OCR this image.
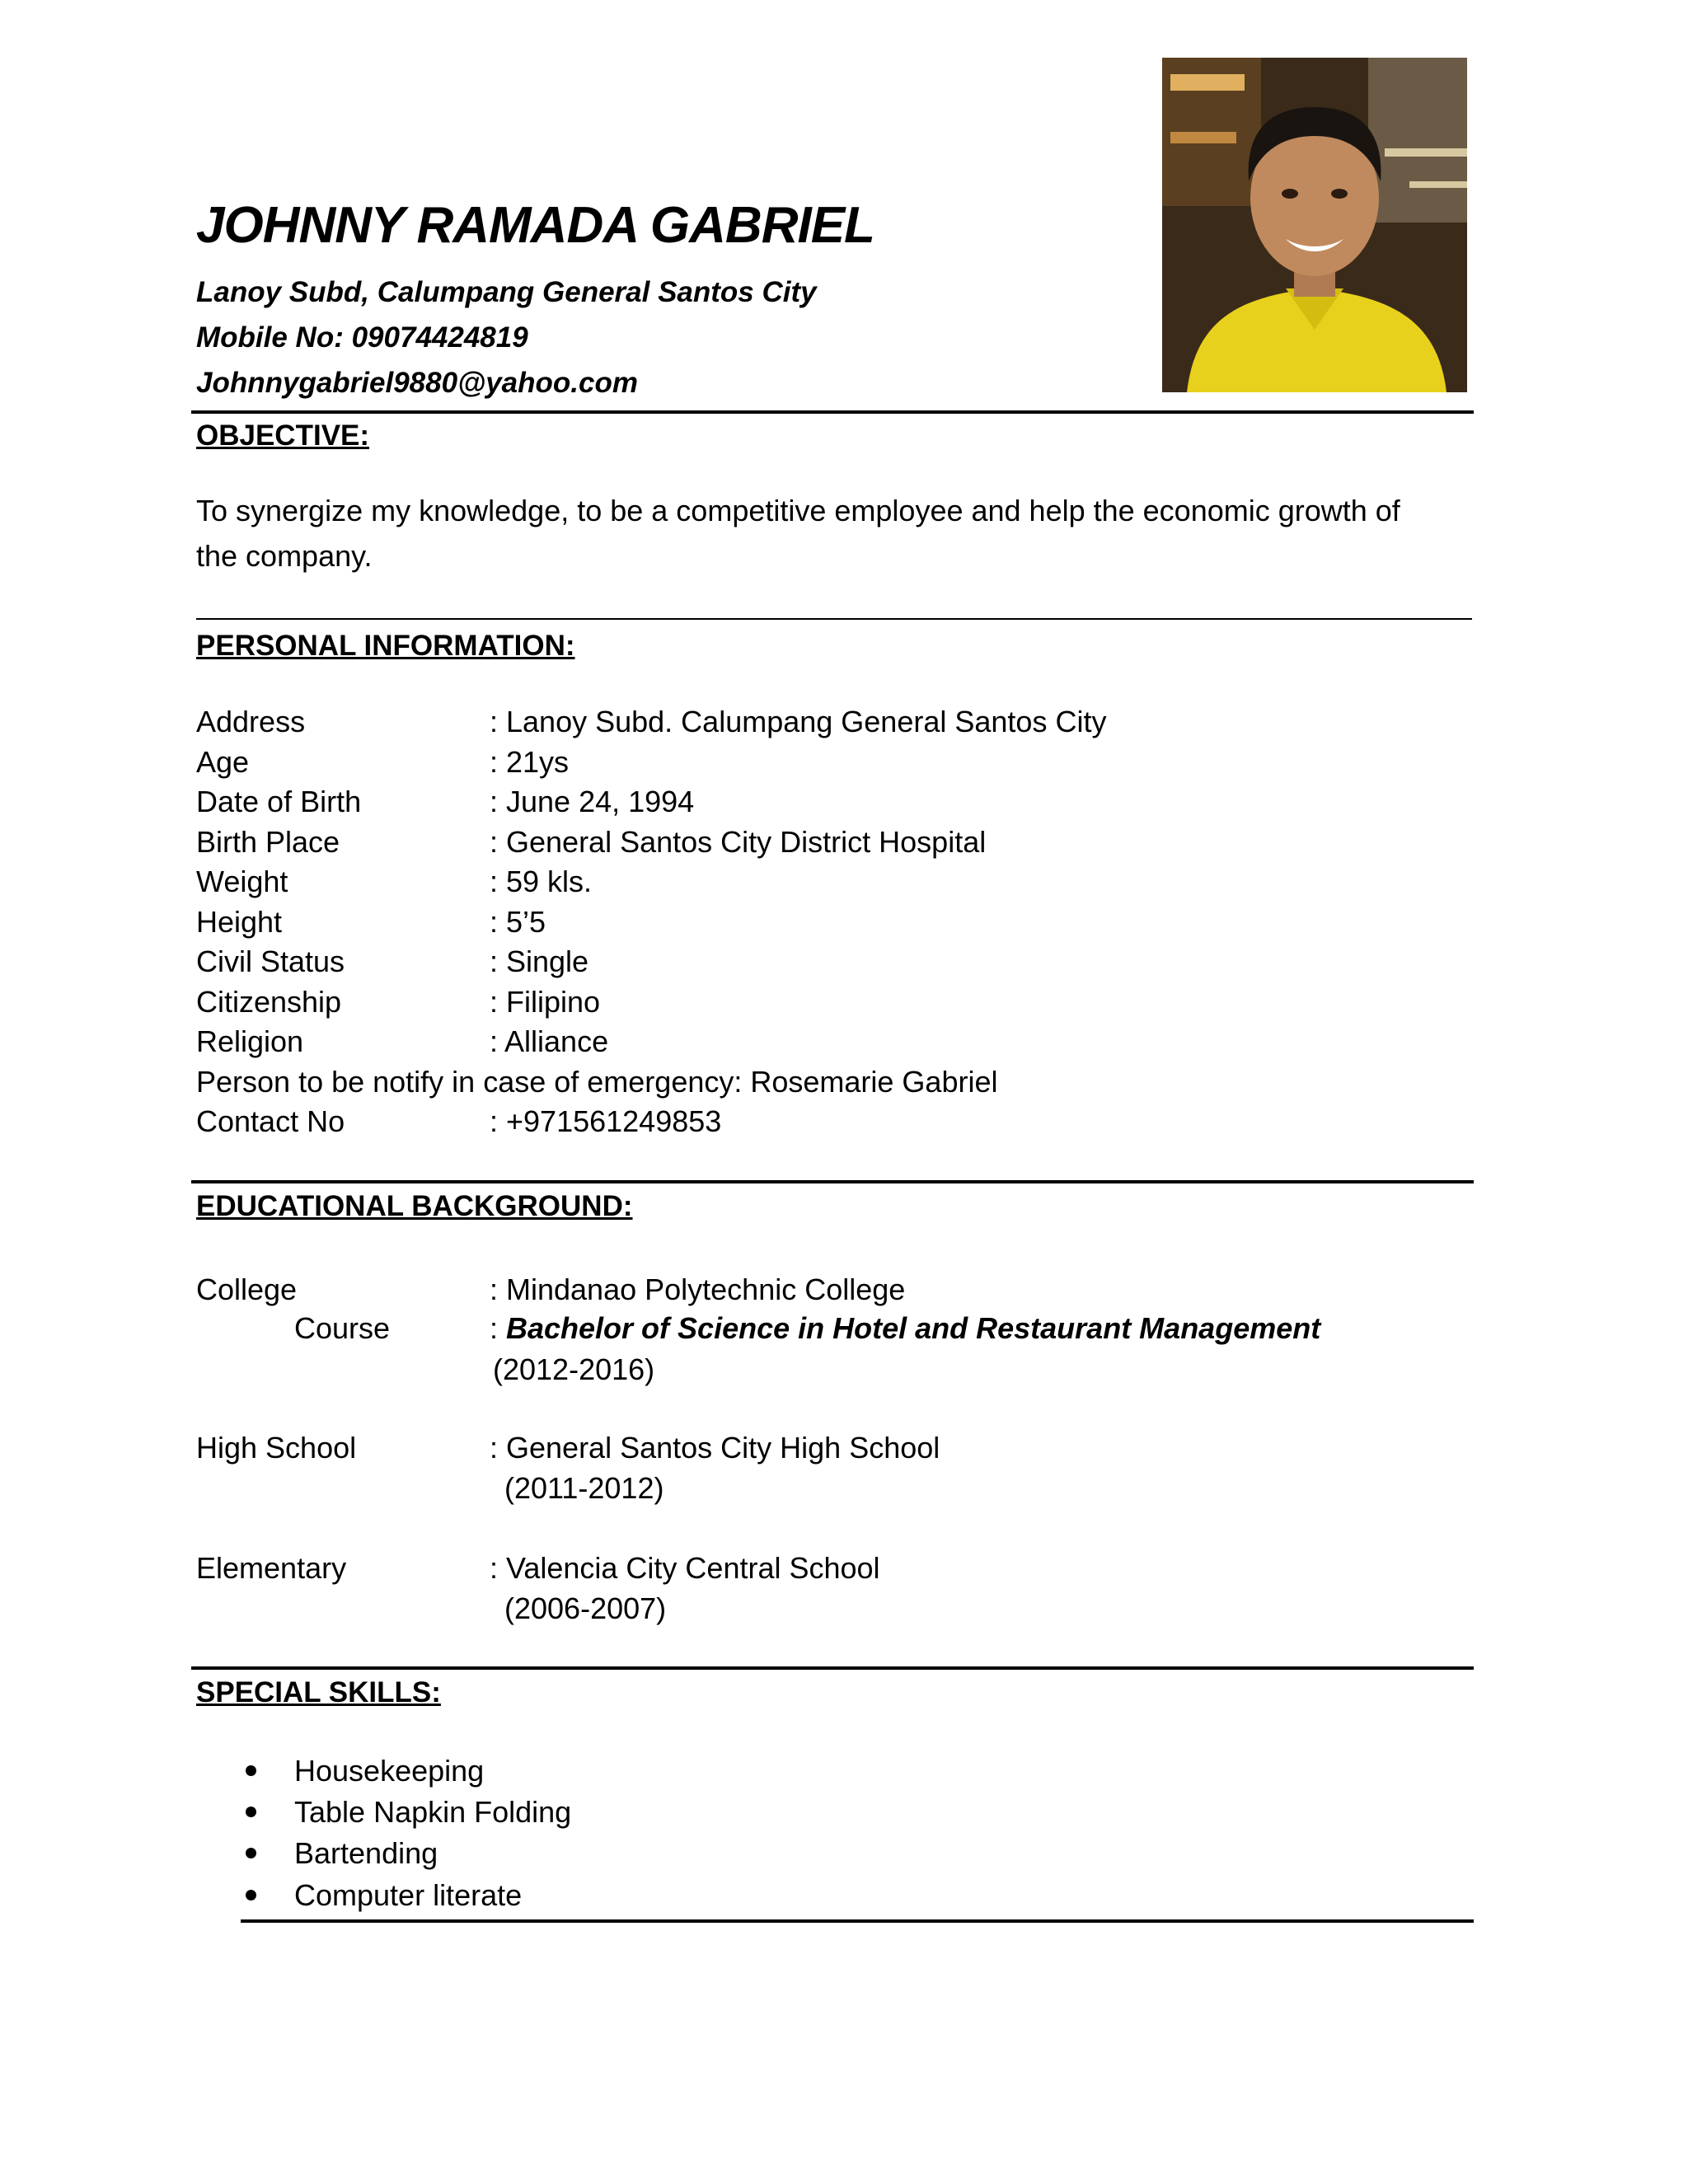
JOHNNY RAMADA GABRIEL
Lanoy Subd, Calumpang General Santos City
Mobile No: 09074424819
Johnnygabriel9880@yahoo.com
OBJECTIVE:
To synergize my knowledge, to be a competitive employee and help the economic growth of
the company.
PERSONAL INFORMATION:
Address	: Lanoy Subd. Calumpang General Santos City
Age	: 21ys
Date of Birth	: June 24, 1994
Birth Place	: General Santos City District Hospital
Weight	: 59 kls.
Height	: 5’5
Civil Status	: Single
Citizenship	: Filipino
Religion	: Alliance
Person to be notify in case of emergency: Rosemarie Gabriel
Contact No	: +971561249853
EDUCATIONAL BACKGROUND:
College	: Mindanao Polytechnic College
Course	: Bachelor of Science in Hotel and Restaurant Management
(2012-2016)
High School	: General Santos City High School
(2011-2012)
Elementary	: Valencia City Central School
(2006-2007)
SPECIAL SKILLS:
Housekeeping
Table Napkin Folding
Bartending
Computer literate
